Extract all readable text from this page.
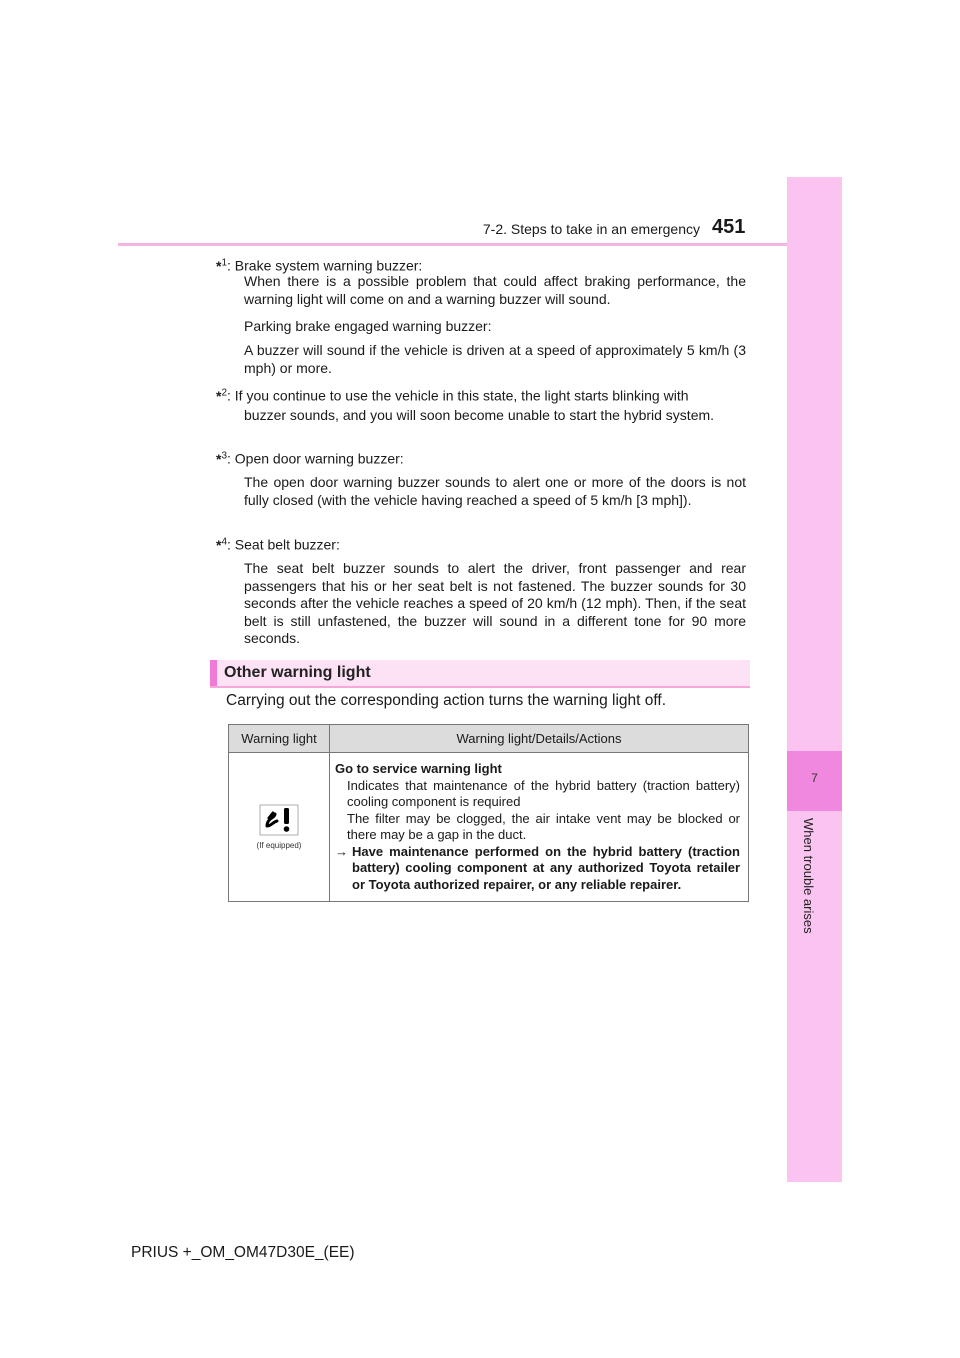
7-2. Steps to take in an emergency 451
7
When trouble arises
*$^1$: Brake system warning buzzer:
When there is a possible problem that could affect braking performance, the warning light will come on and a warning buzzer will sound.
Parking brake engaged warning buzzer:
A buzzer will sound if the vehicle is driven at a speed of approximately 5 km/h (3 mph) or more.
*$^2$: If you continue to use the vehicle in this state, the light starts blinking with
buzzer sounds, and you will soon become unable to start the hybrid system.
*$^3$: Open door warning buzzer:
The open door warning buzzer sounds to alert one or more of the doors is not fully closed (with the vehicle having reached a speed of 5 km/h [3 mph]).
*$^4$: Seat belt buzzer:
The seat belt buzzer sounds to alert the driver, front passenger and rear passengers that his or her seat belt is not fastened. The buzzer sounds for 30 seconds after the vehicle reaches a speed of 20 km/h (12 mph). Then, if the seat belt is still unfastened, the buzzer will sound in a different tone for 90 more seconds.
Other warning light
Carrying out the corresponding action turns the warning light off.
Warning light	Warning light/Details/Actions

(If equipped)	Go to service warning light
Indicates that maintenance of the hybrid battery (traction battery) cooling component is required
The filter may be clogged, the air intake vent may be blocked or there may be a gap in the duct.
→ Have maintenance performed on the hybrid battery (traction battery) cooling component at any authorized Toyota retailer or Toyota authorized repairer, or any reliable repairer.
PRIUS +_OM_OM47D30E_(EE)
